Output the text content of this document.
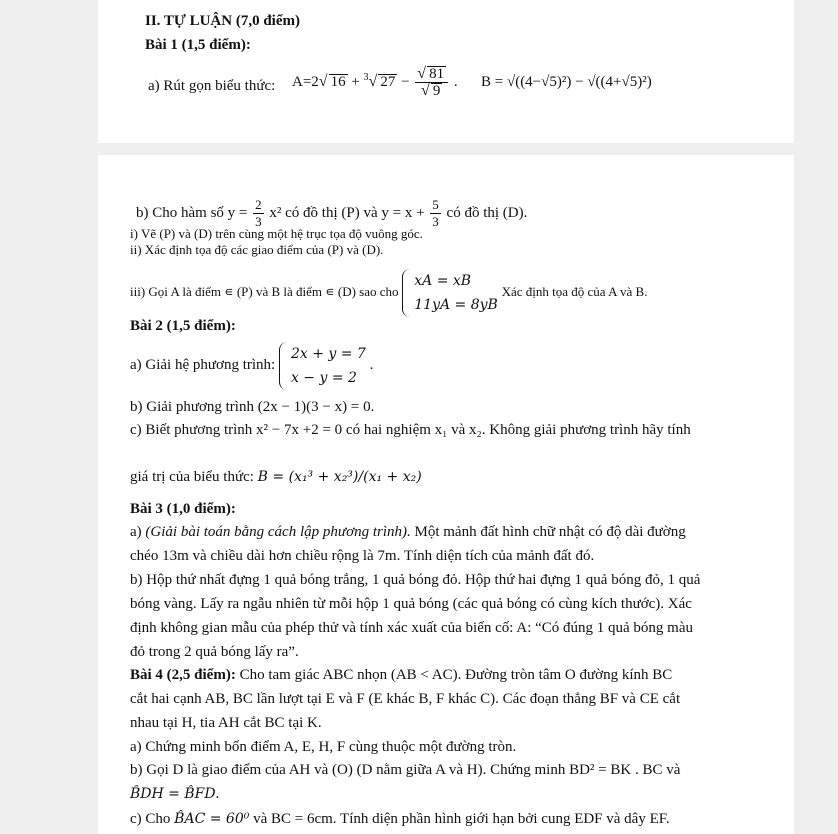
II. TỰ LUẬN (7,0 điểm)
Bài 1 (1,5 điểm):
a) Rút gọn biểu thức: A=2√ 16 + $^3$√ $27 - \frac{√ 81}{√ 9}$ . B = √((4−√5)²) − √((4+√5)²)
b) Cho hàm số $y = \frac{2}{3} x^2$ có đồ thị (P) và $y = x + \frac{5}{3}$ có đồ thị (D).
i) Vẽ (P) và (D) trên cùng một hệ trục tọa độ vuông góc.
ii) Xác định tọa độ các giao điểm của (P) và (D).
iii) Gọi A là điểm ∊ (P) và B là điểm ∊ (D) sao cho
xA = xB
11yA = 8yB
Xác định tọa độ của A và B.
Bài 2 (1,5 điểm):
a) Giải hệ phương trình:
2x + y = 7
x − y = 2
.
b) Giải phương trình (2x − 1)(3 − x) = 0.
c) Biết phương trình x² − 7x +2 = 0 có hai nghiệm x₁ và x₂. Không giải phương trình hãy tính
giá trị của biểu thức: B = (x₁³ + x₂³)/(x₁ + x₂)
Bài 3 (1,0 điểm):
a) (Giải bài toán bằng cách lập phương trình). Một mảnh đất hình chữ nhật có độ dài đường
chéo 13m và chiều dài hơn chiều rộng là 7m. Tính diện tích của mảnh đất đó.
b) Hộp thứ nhất đựng 1 quả bóng trắng, 1 quả bóng đỏ. Hộp thứ hai đựng 1 quả bóng đỏ, 1 quả
bóng vàng. Lấy ra ngẫu nhiên từ mỗi hộp 1 quả bóng (các quả bóng có cùng kích thước). Xác
định không gian mẫu của phép thử và tính xác xuất của biến cố: A: “Có đúng 1 quả bóng màu
đỏ trong 2 quả bóng lấy ra”.
Bài 4 (2,5 điểm): Cho tam giác ABC nhọn (AB < AC). Đường tròn tâm O đường kính BC
cắt hai cạnh AB, BC lần lượt tại E và F (E khác B, F khác C). Các đoạn thẳng BF và CE cắt
nhau tại H, tia AH cắt BC tại K.
a) Chứng minh bốn điểm A, E, H, F cùng thuộc một đường tròn.
b) Gọi D là giao điểm của AH và (O) (D nằm giữa A và H). Chứng minh BD² = BK . BC và
B̂DH = B̂FD.
c) Cho B̂AC = 60⁰ và BC = 6cm. Tính diện phần hình giới hạn bởi cung EDF và dây EF.
